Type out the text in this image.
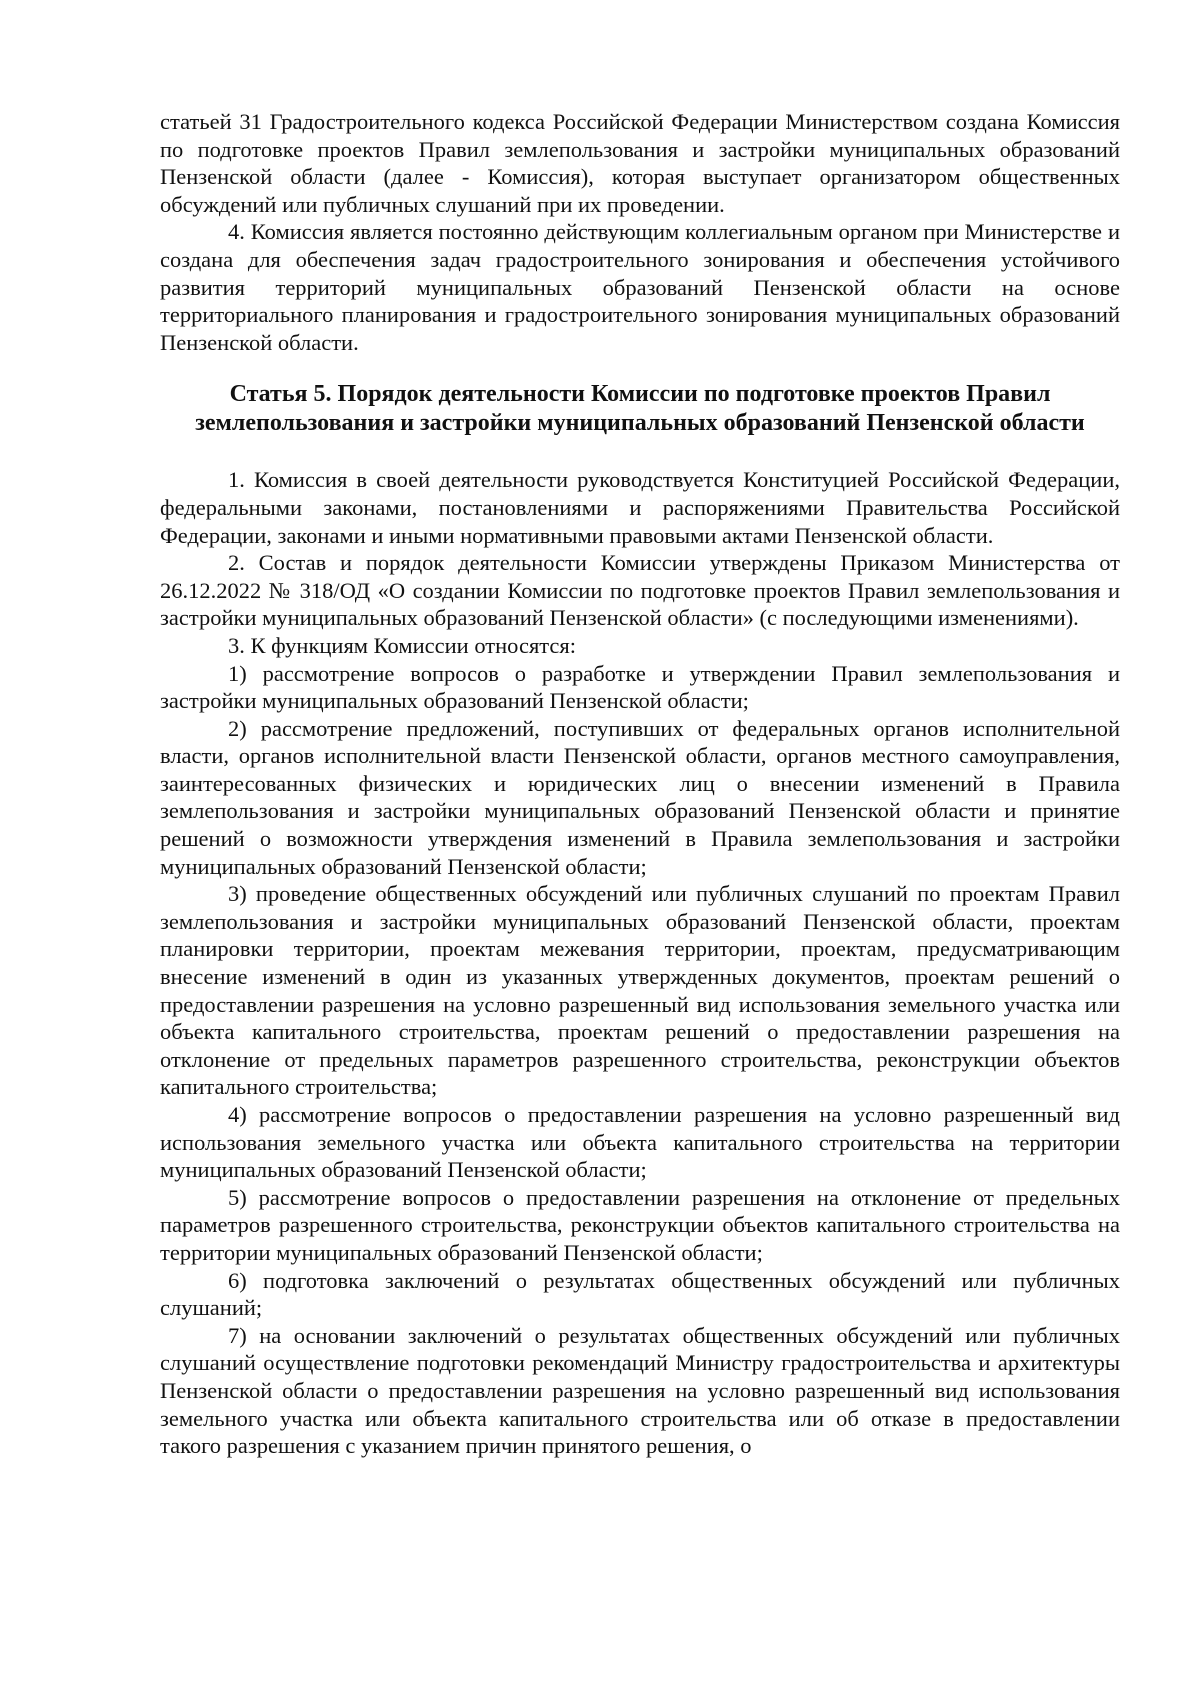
статьей 31 Градостроительного кодекса Российской Федерации Министерством создана Комиссия по подготовке проектов Правил землепользования и застройки муниципальных образований Пензенской области (далее - Комиссия), которая выступает организатором общественных обсуждений или публичных слушаний при их проведении.

4. Комиссия является постоянно действующим коллегиальным органом при Министерстве и создана для обеспечения задач градостроительного зонирования и обеспечения устойчивого развития территорий муниципальных образований Пензенской области на основе территориального планирования и градостроительного зонирования муниципальных образований Пензенской области.

Статья 5. Порядок деятельности Комиссии по подготовке проектов Правил землепользования и застройки муниципальных образований Пензенской области

1. Комиссия в своей деятельности руководствуется Конституцией Российской Федерации, федеральными законами, постановлениями и распоряжениями Правительства Российской Федерации, законами и иными нормативными правовыми актами Пензенской области.

2. Состав и порядок деятельности Комиссии утверждены Приказом Министерства от 26.12.2022 № 318/ОД «О создании Комиссии по подготовке проектов Правил землепользования и застройки муниципальных образований Пензенской области» (с последующими изменениями).

3. К функциям Комиссии относятся:

1) рассмотрение вопросов о разработке и утверждении Правил землепользования и застройки муниципальных образований Пензенской области;

2) рассмотрение предложений, поступивших от федеральных органов исполнительной власти, органов исполнительной власти Пензенской области, органов местного самоуправления, заинтересованных физических и юридических лиц о внесении изменений в Правила землепользования и застройки муниципальных образований Пензенской области и принятие решений о возможности утверждения изменений в Правила землепользования и застройки муниципальных образований Пензенской области;

3) проведение общественных обсуждений или публичных слушаний по проектам Правил землепользования и застройки муниципальных образований Пензенской области, проектам планировки территории, проектам межевания территории, проектам, предусматривающим внесение изменений в один из указанных утвержденных документов, проектам решений о предоставлении разрешения на условно разрешенный вид использования земельного участка или объекта капитального строительства, проектам решений о предоставлении разрешения на отклонение от предельных параметров разрешенного строительства, реконструкции объектов капитального строительства;

4) рассмотрение вопросов о предоставлении разрешения на условно разрешенный вид использования земельного участка или объекта капитального строительства на территории муниципальных образований Пензенской области;

5) рассмотрение вопросов о предоставлении разрешения на отклонение от предельных параметров разрешенного строительства, реконструкции объектов капитального строительства на территории муниципальных образований Пензенской области;

6) подготовка заключений о результатах общественных обсуждений или публичных слушаний;

7) на основании заключений о результатах общественных обсуждений или публичных слушаний осуществление подготовки рекомендаций Министру градостроительства и архитектуры Пензенской области о предоставлении разрешения на условно разрешенный вид использования земельного участка или объекта капитального строительства или об отказе в предоставлении такого разрешения с указанием причин принятого решения, о
